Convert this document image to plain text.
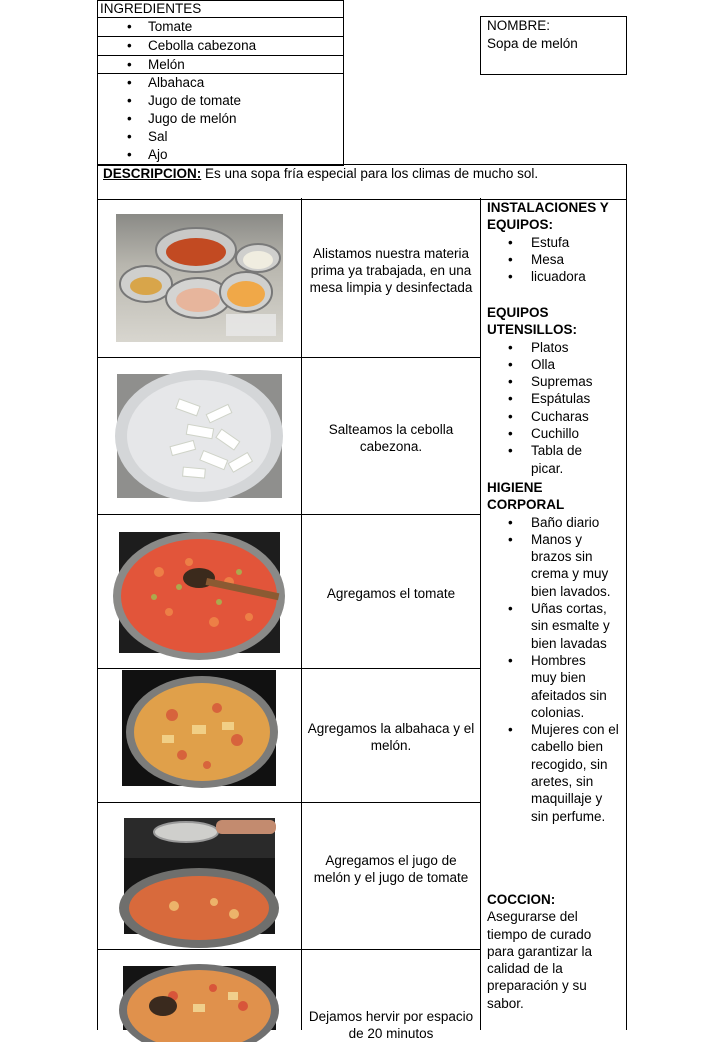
INGREDIENTES
• Tomate
• Cebolla cabezona
• Melón
• Albahaca
• Jugo de tomate
• Jugo de melón
• Sal
• Ajo
NOMBRE:
Sopa de melón
DESCRIPCION: Es una sopa fría especial para los climas de mucho sol.
Alistamos nuestra materia prima ya trabajada, en una mesa limpia y desinfectada
Salteamos la cebolla cabezona.
Agregamos el tomate
Agregamos la albahaca y el melón.
Agregamos el jugo de melón y el jugo de tomate
Dejamos hervir por espacio de 20 minutos
INSTALACIONES Y EQUIPOS:
• Estufa
• Mesa
• licuadora
EQUIPOS UTENSILLOS:
• Platos
• Olla
• Supremas
• Espátulas
• Cucharas
• Cuchillo
• Tabla de picar.
HIGIENE CORPORAL
• Baño diario
• Manos y brazos sin crema y muy bien lavados.
• Uñas cortas, sin esmalte y bien lavadas
• Hombres muy bien afeitados sin colonias.
• Mujeres con el cabello bien recogido, sin aretes, sin maquillaje y sin perfume.
COCCION:
Asegurarse del tiempo de curado para garantizar la calidad de la preparación y su sabor.
